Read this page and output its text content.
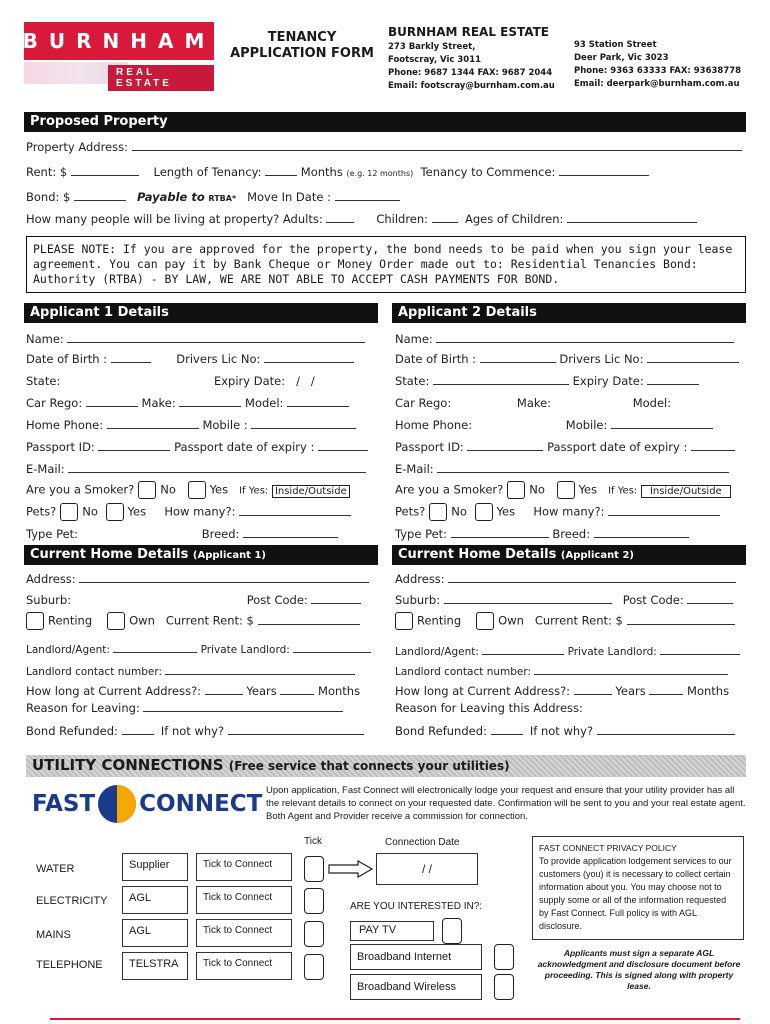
BURNHAM
REAL ESTATE
TENANCY
APPLICATION FORM
BURNHAM REAL ESTATE
273 Barkly Street,
Footscray, Vic 3011
Phone: 9687 1344 FAX: 9687 2044
Email: footscray@burnham.com.au
93 Station Street
Deer Park, Vic 3023
Phone: 9363 63333 FAX: 93638778
Email: deerpark@burnham.com.au
Proposed Property
Property Address:
Rent: $	Length of Tenancy:	Months (e.g. 12 months) Tenancy to Commence:
Bond: $	Payable to RTBA* Move In Date :
How many people will be living at property? Adults:	Children:	Ages of Children:
PLEASE NOTE: If you are approved for the property, the bond needs to be paid when you sign your lease agreement. You can pay it by Bank Cheque or Money Order made out to: Residential Tenancies Bond: Authority (RTBA) - BY LAW, WE ARE NOT ABLE TO ACCEPT CASH PAYMENTS FOR BOND.
Applicant 1 Details	Applicant 2 Details
Name:
Date of Birth :	Drivers Lic No:
State:	Expiry Date:   /   /
Car Rego:	Make:	Model:
Home Phone:	Mobile :
Passport ID:	Passport date of expiry :
E-Mail:
Are you a Smoker? No	Yes If Yes: Inside/Outside
Pets? No	Yes How many?:
Type Pet:	Breed:
Name:
Date of Birth :	Drivers Lic No:
State:	Expiry Date:
Car Rego:	Make:	Model:
Home Phone:	Mobile:
Passport ID:	Passport date of expiry :
E-Mail:
Are you a Smoker? No	Yes If Yes: Inside/Outside
Pets? No	Yes How many?:
Type Pet:	Breed:
Current Home Details (Applicant 1)	Current Home Details (Applicant 2)
Address:
Suburb:	Post Code:
Renting	Own Current Rent: $
Landlord/Agent:	Private Landlord:
Landlord contact number:
How long at Current Address?:	Years	Months
Reason for Leaving:
Bond Refunded:	If not why?
Address:
Suburb:	Post Code:
Renting	Own Current Rent: $
Landlord/Agent:	Private Landlord:
Landlord contact number:
How long at Current Address?:	Years	Months
Reason for Leaving this Address:
Bond Refunded:	If not why?
UTILITY CONNECTIONS (Free service that connects your utilities)
FAST CONNECT
Upon application, Fast Connect will electronically lodge your request and ensure that your utility provider has all the relevant details to connect on your requested date. Confirmation will be sent to you and your real estate agent. Both Agent and Provider receive a commission for connection.
Tick	Connection Date
WATER	Supplier	Tick to Connect
ELECTRICITY	AGL	Tick to Connect
MAINS	AGL	Tick to Connect
TELEPHONE	TELSTRA	Tick to Connect
/ /
ARE YOU INTERESTED IN?:
PAY TV
Broadband Internet
Broadband Wireless
FAST CONNECT PRIVACY POLICY
To provide application lodgement services to our customers (you) it is necessary to collect certain information about you. You may choose not to supply some or all of the information requested by Fast Connect. Full policy is with AGL disclosure.
Applicants must sign a separate AGL acknowledgment and disclosure document before proceeding. This is signed along with property lease.
